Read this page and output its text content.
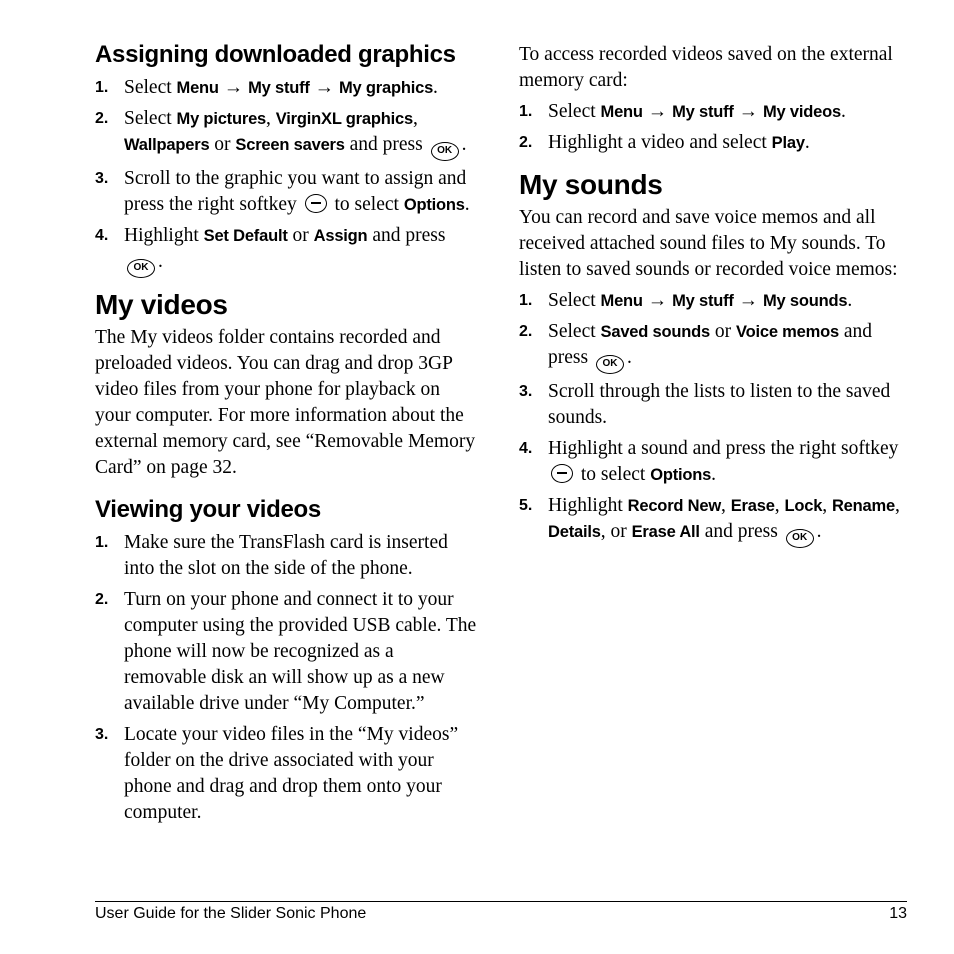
Assigning downloaded graphics
1. Select Menu → My stuff → My graphics.
2. Select My pictures, VirginXL graphics, Wallpapers or Screen savers and press OK .
3. Scroll to the graphic you want to assign and press the right softkey to select Options.
4. Highlight Set Default or Assign and press OK .
My videos

The My videos folder contains recorded and preloaded videos. You can drag and drop 3GP video files from your phone for playback on your computer. For more information about the external memory card, see “Removable Memory Card” on page 32.

Viewing your videos
1. Make sure the TransFlash card is inserted into the slot on the side of the phone.
2. Turn on your phone and connect it to your computer using the provided USB cable. The phone will now be recognized as a removable disk an will show up as a new available drive under “My Computer.”
3. Locate your video files in the “My videos” folder on the drive associated with your phone and drag and drop them onto your computer.

To access recorded videos saved on the external memory card:

1. Select Menu → My stuff → My videos.
2. Highlight a video and select Play.
My sounds

You can record and save voice memos and all received attached sound files to My sounds. To listen to saved sounds or recorded voice memos:

1. Select Menu → My stuff → My sounds.
2. Select Saved sounds or Voice memos and press OK .
3. Scroll through the lists to listen to the saved sounds.
4. Highlight a sound and press the right softkey
to select Options.
5. Highlight Record New, Erase, Lock, Rename, Details, or Erase All and press OK .
User Guide for the Slider Sonic Phone	13
